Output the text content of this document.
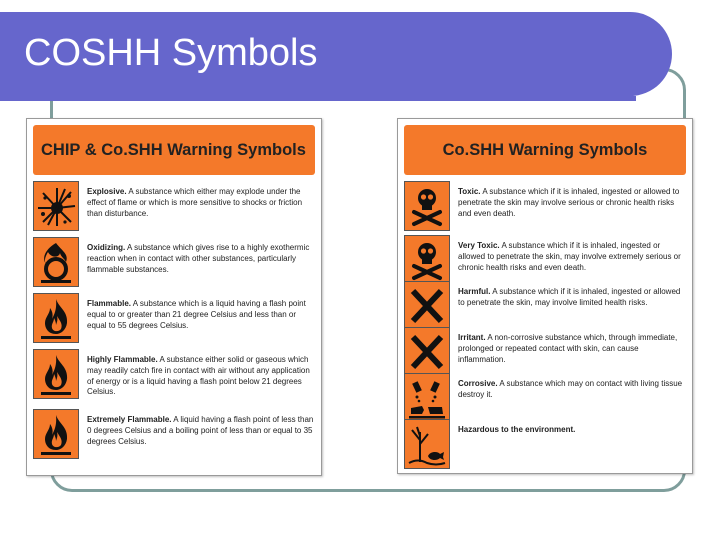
COSHH Symbols
CHIP & Co.SHH Warning Symbols
Explosive. A substance which either may explode under the effect of flame or which is more sensitive to shocks or friction than disturbance.
Oxidizing. A substance which gives rise to a highly exothermic reaction when in contact with other substances, particularly flammable substances.
Flammable. A substance which is a liquid having a flash point equal to or greater than 21 degree Celsius and less than or equal to 55 degrees Celsius.
Highly Flammable. A substance either solid or gaseous which may readily catch fire in contact with air without any application of energy or is a liquid having a flash point below 21 degrees Celsius.
Extremely Flammable. A liquid having a flash point of less than 0 degrees Celsius and a boiling point of less than or equal to 35 degrees Celsius.
Co.SHH Warning Symbols
Toxic. A substance which if it is inhaled, ingested or allowed to penetrate the skin may involve serious or chronic health risks and even death.
Very Toxic. A substance which if it is inhaled, ingested or allowed to penetrate the skin, may involve extremely serious or chronic health risks and even death.
Harmful. A substance which if it is inhaled, ingested or allowed to penetrate the skin, may involve limited health risks.
Irritant. A non-corrosive substance which, through immediate, prolonged or repeated contact with skin, can cause inflammation.
Corrosive. A substance which may on contact with living tissue destroy it.
Hazardous to the environment.
